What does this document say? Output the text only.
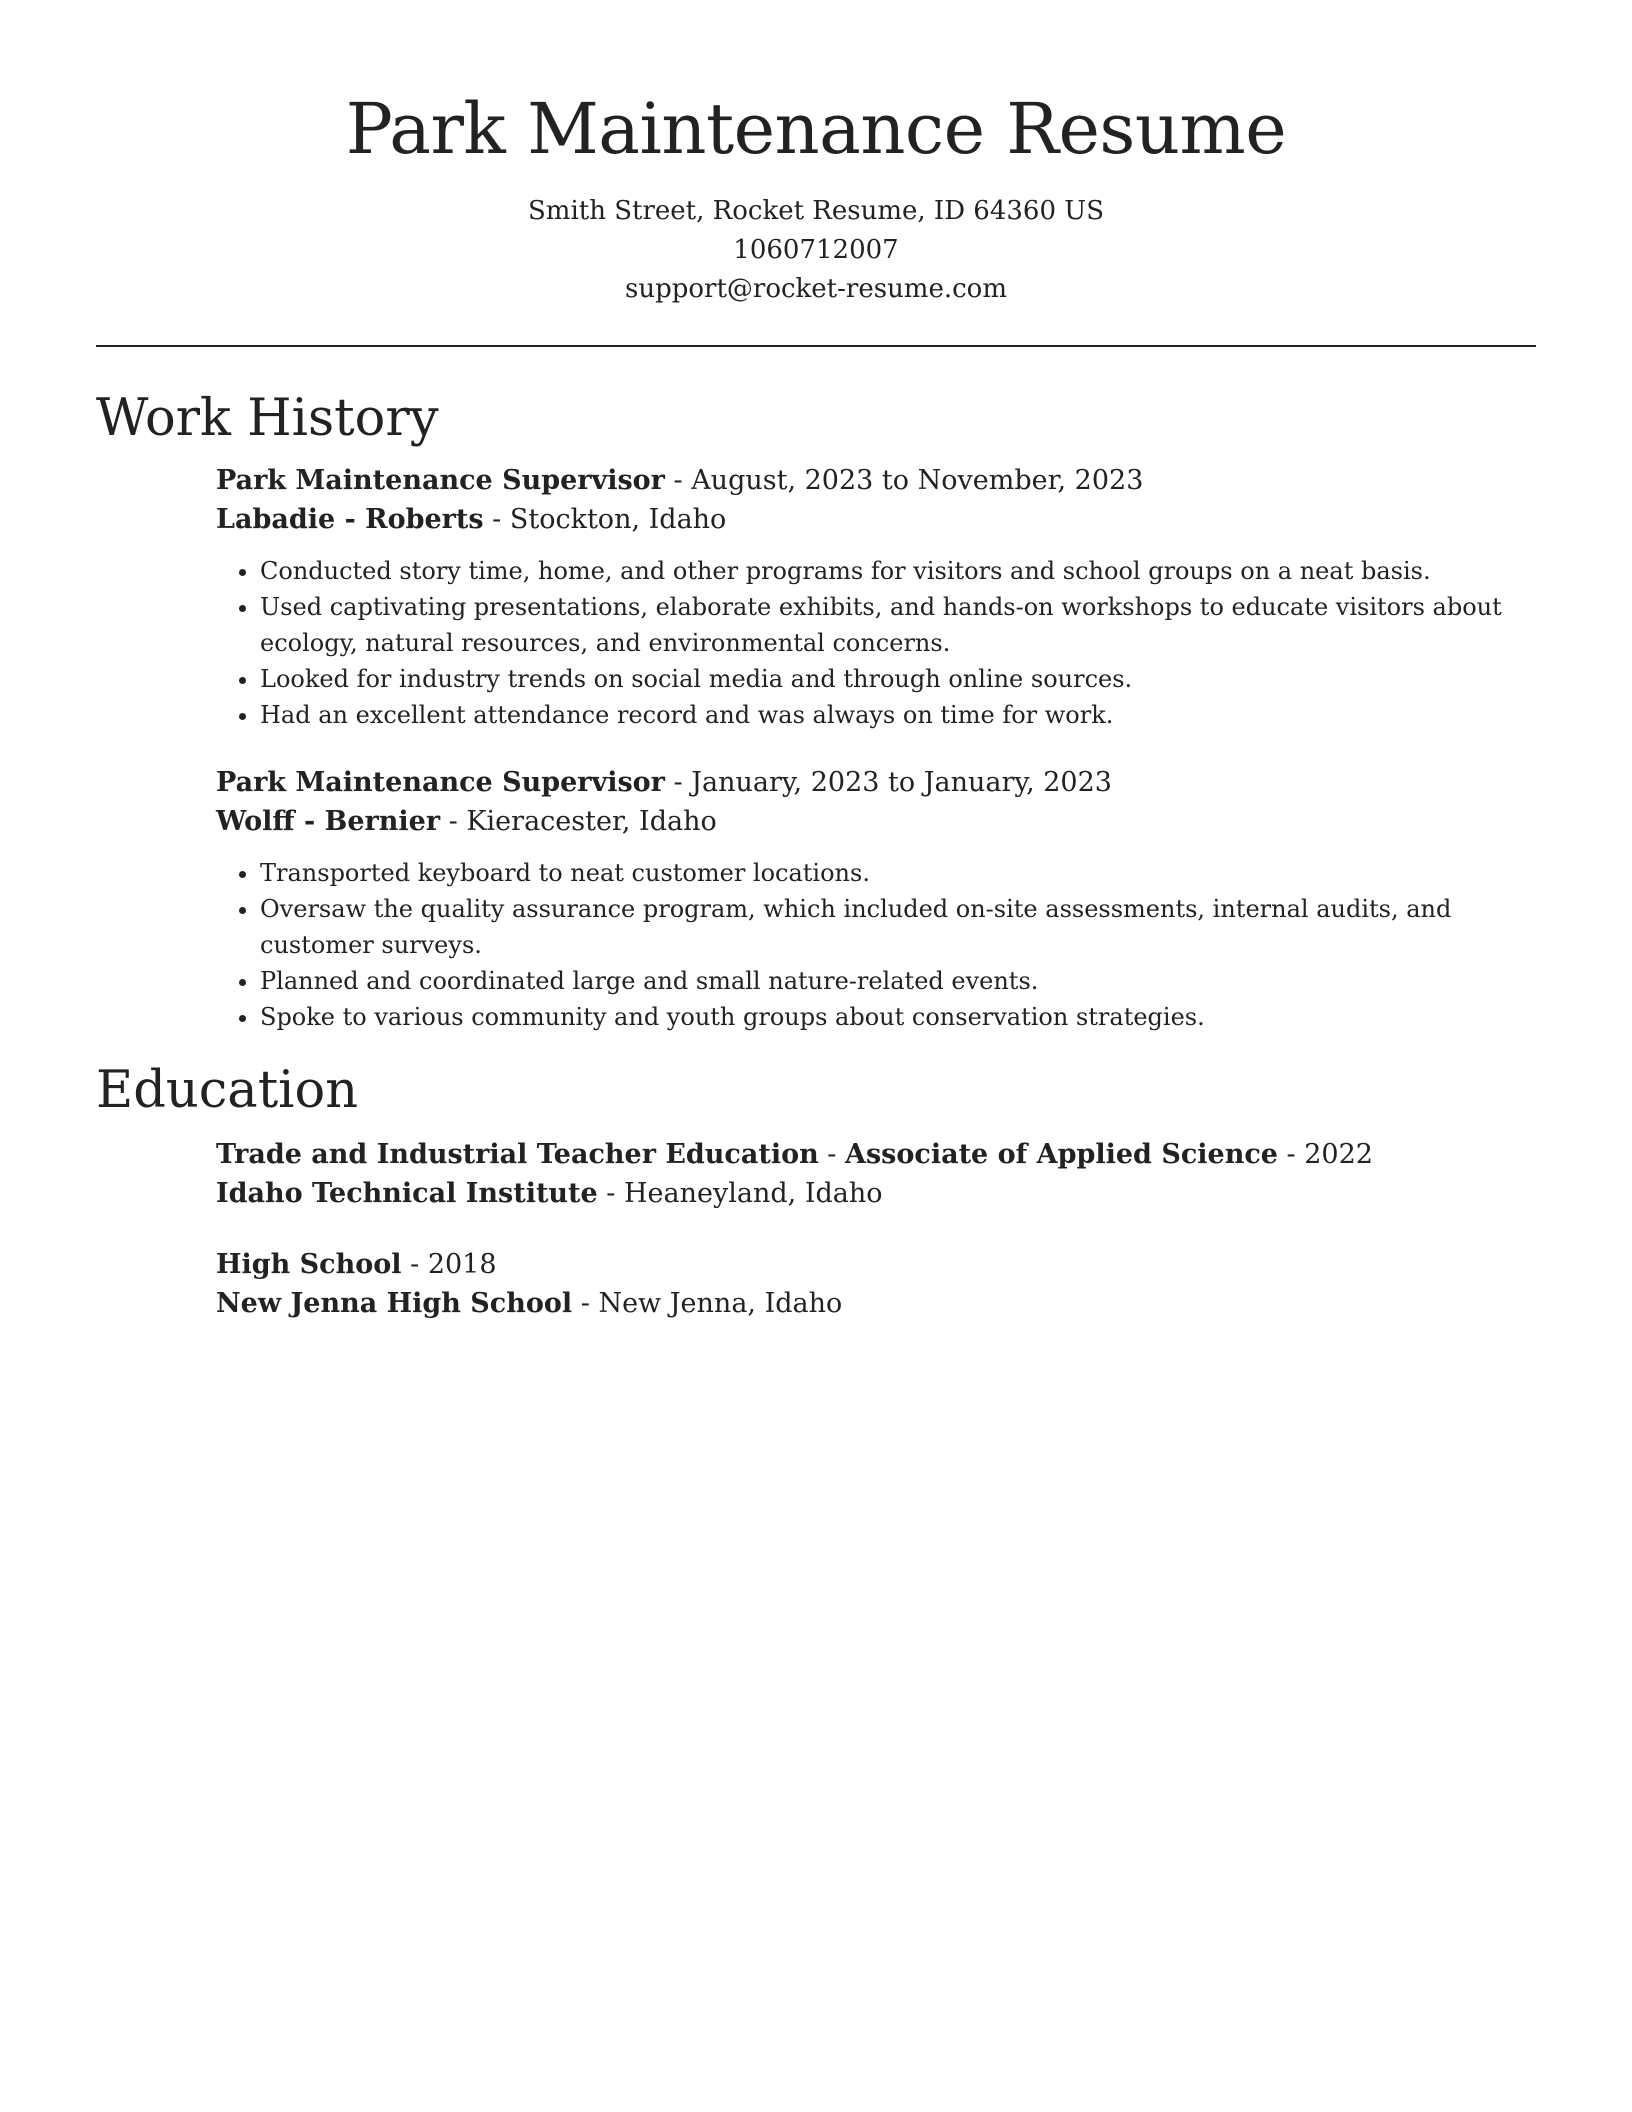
Park Maintenance Resume
Smith Street, Rocket Resume, ID 64360 US
1060712007
support@rocket-resume.com
Work History
Park Maintenance Supervisor - August, 2023 to November, 2023
Labadie - Roberts - Stockton, Idaho
• Conducted story time, home, and other programs for visitors and school groups on a neat basis.
• Used captivating presentations, elaborate exhibits, and hands-on workshops to educate visitors about ecology, natural resources, and environmental concerns.
• Looked for industry trends on social media and through online sources.
• Had an excellent attendance record and was always on time for work.
Park Maintenance Supervisor - January, 2023 to January, 2023
Wolff - Bernier - Kieracester, Idaho
• Transported keyboard to neat customer locations.
• Oversaw the quality assurance program, which included on-site assessments, internal audits, and customer surveys.
• Planned and coordinated large and small nature-related events.
• Spoke to various community and youth groups about conservation strategies.
Education
Trade and Industrial Teacher Education - Associate of Applied Science - 2022
Idaho Technical Institute - Heaneyland, Idaho
High School - 2018
New Jenna High School - New Jenna, Idaho
